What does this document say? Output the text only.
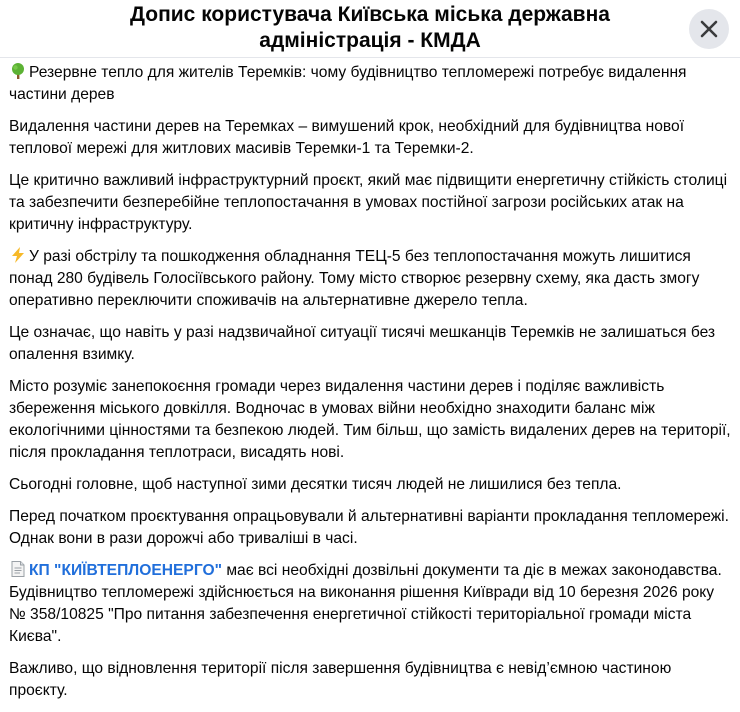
Допис користувача Київська міська державна адміністрація - КМДА

Резервне тепло для жителів Теремків: чому будівництво тепломережі потребує видалення частини дерев

Видалення частини дерев на Теремках – вимушений крок, необхідний для будівництва нової теплової мережі для житлових масивів Теремки-1 та Теремки-2.

Це критично важливий інфраструктурний проєкт, який має підвищити енергетичну стійкість столиці та забезпечити безперебійне теплопостачання в умовах постійної загрози російських атак на критичну інфраструктуру.

У разі обстрілу та пошкодження обладнання ТЕЦ-5 без теплопостачання можуть лишитися понад 280 будівель Голосіївського району. Тому місто створює резервну схему, яка дасть змогу оперативно переключити споживачів на альтернативне джерело тепла.

Це означає, що навіть у разі надзвичайної ситуації тисячі мешканців Теремків не залишаться без опалення взимку.

Місто розуміє занепокоєння громади через видалення частини дерев і поділяє важливість збереження міського довкілля. Водночас в умовах війни необхідно знаходити баланс між екологічними цінностями та безпекою людей. Тим більш, що замість видалених дерев на території, після прокладання теплотраси, висадять нові.

Сьогодні головне, щоб наступної зими десятки тисяч людей не лишилися без тепла.

Перед початком проєктування опрацьовували й альтернативні варіанти прокладання тепломережі. Однак вони в рази дорожчі або триваліші в часі.

КП "КИЇВТЕПЛОЕНЕРГО" має всі необхідні дозвільні документи та діє в межах законодавства. Будівництво тепломережі здійснюється на виконання рішення Київради від 10 березня 2026 року № 358/10825 "Про питання забезпечення енергетичної стійкості територіальної громади міста Києва".

Важливо, що відновлення території після завершення будівництва є невід’ємною частиною проєкту.
